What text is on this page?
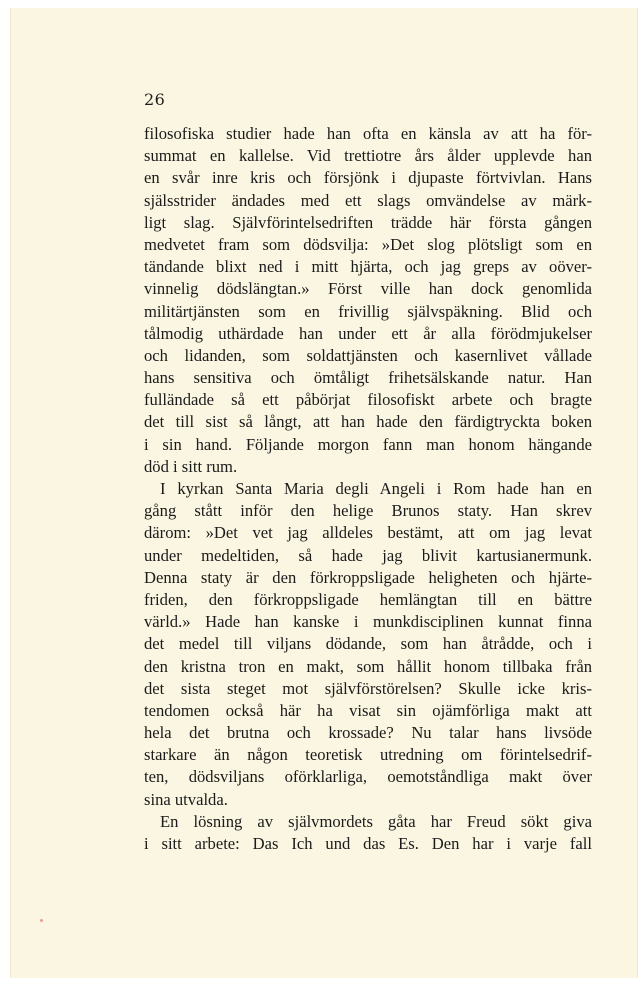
26
filosofiska studier hade han ofta en känsla av att ha för-
summat en kallelse. Vid trettiotre års ålder upplevde han
en svår inre kris och försjönk i djupaste förtvivlan. Hans
själsstrider ändades med ett slags omvändelse av märk-
ligt slag. Självförintelsedriften trädde här första gången
medvetet fram som dödsvilja: »Det slog plötsligt som en
tändande blixt ned i mitt hjärta, och jag greps av oöver-
vinnelig dödslängtan.» Först ville han dock genomlida
militärtjänsten som en frivillig självspäkning. Blid och
tålmodig uthärdade han under ett år alla förödmjukelser
och lidanden, som soldattjänsten och kasernlivet vållade
hans sensitiva och ömtåligt frihetsälskande natur. Han
fulländade så ett påbörjat filosofiskt arbete och bragte
det till sist så långt, att han hade den färdigtryckta boken
i sin hand. Följande morgon fann man honom hängande
död i sitt rum.
I kyrkan Santa Maria degli Angeli i Rom hade han en
gång stått inför den helige Brunos staty. Han skrev
därom: »Det vet jag alldeles bestämt, att om jag levat
under medeltiden, så hade jag blivit kartusianermunk.
Denna staty är den förkroppsligade heligheten och hjärte-
friden, den förkroppsligade hemlängtan till en bättre
värld.» Hade han kanske i munkdisciplinen kunnat finna
det medel till viljans dödande, som han åtrådde, och i
den kristna tron en makt, som hållit honom tillbaka från
det sista steget mot självförstörelsen? Skulle icke kris-
tendomen också här ha visat sin ojämförliga makt att
hela det brutna och krossade? Nu talar hans livsöde
starkare än någon teoretisk utredning om förintelsedrif-
ten, dödsviljans oförklarliga, oemotståndliga makt över
sina utvalda.
En lösning av självmordets gåta har Freud sökt giva
i sitt arbete: Das Ich und das Es. Den har i varje fall
